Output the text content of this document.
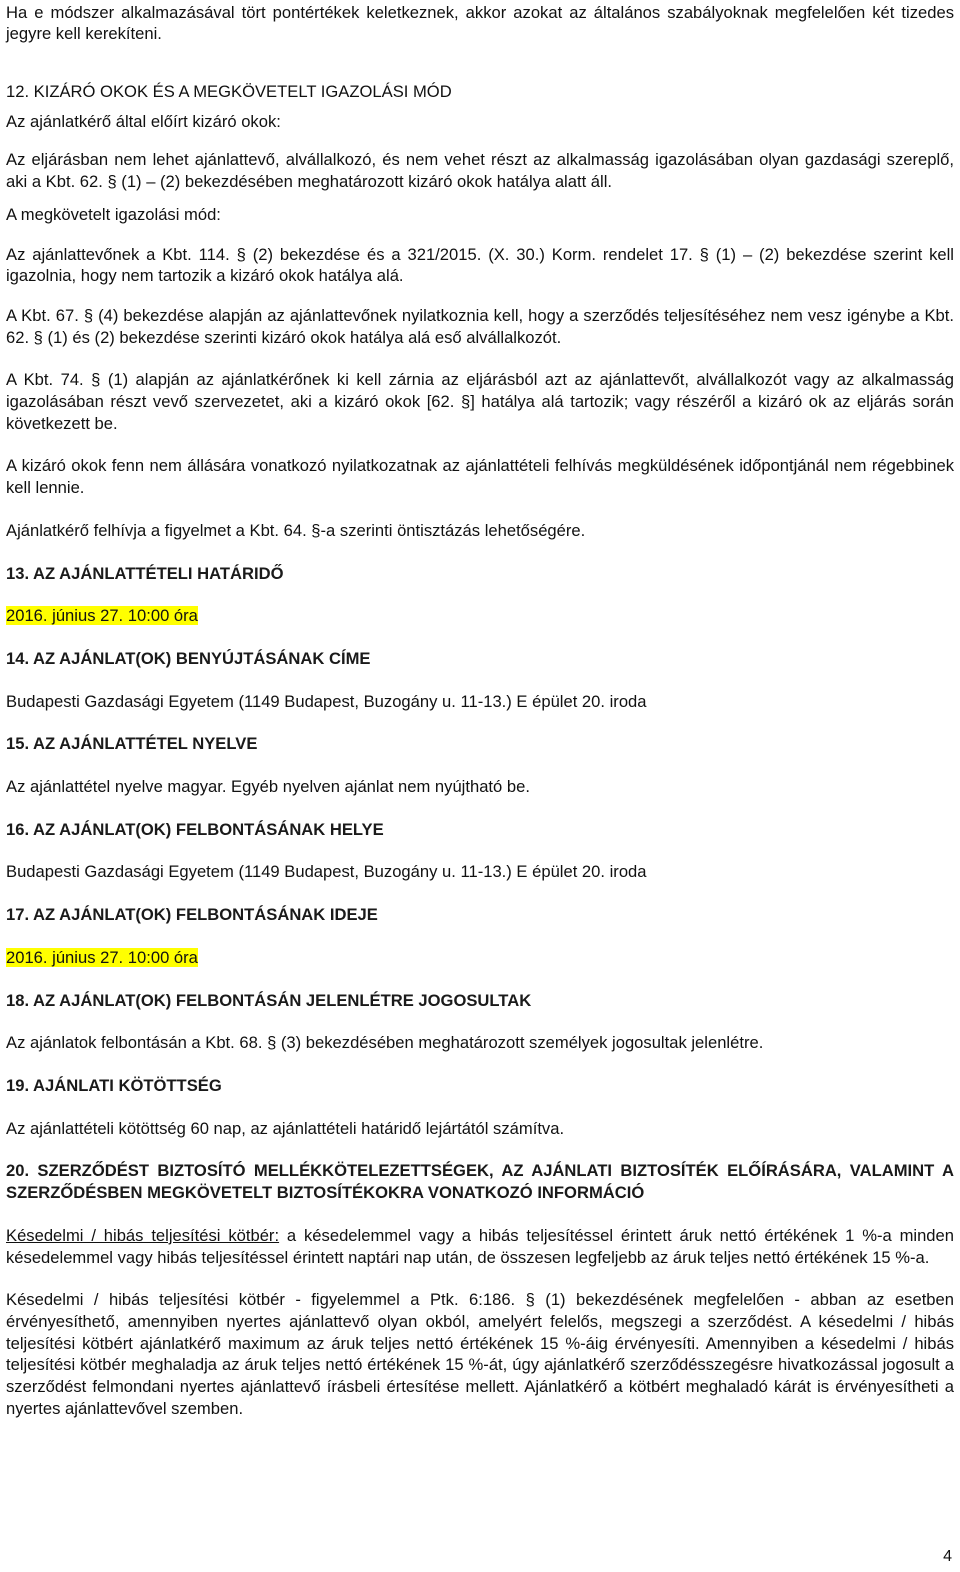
Ha e módszer alkalmazásával tört pontértékek keletkeznek, akkor azokat az általános szabályoknak megfelelően két tizedes jegyre kell kerekíteni.

12. KIZÁRÓ OKOK ÉS A MEGKÖVETELT IGAZOLÁSI MÓD

Az ajánlatkérő által előírt kizáró okok:

Az eljárásban nem lehet ajánlattevő, alvállalkozó, és nem vehet részt az alkalmasság igazolásában olyan gazdasági szereplő, aki a Kbt. 62. § (1) – (2) bekezdésében meghatározott kizáró okok hatálya alatt áll.

A megkövetelt igazolási mód:

Az ajánlattevőnek a Kbt. 114. § (2) bekezdése és a 321/2015. (X. 30.) Korm. rendelet 17. § (1) – (2) bekezdése szerint kell igazolnia, hogy nem tartozik a kizáró okok hatálya alá.

A Kbt. 67. § (4) bekezdése alapján az ajánlattevőnek nyilatkoznia kell, hogy a szerződés teljesítéséhez nem vesz igénybe a Kbt. 62. § (1) és (2) bekezdése szerinti kizáró okok hatálya alá eső alvállalkozót.

A Kbt. 74. § (1) alapján az ajánlatkérőnek ki kell zárnia az eljárásból azt az ajánlattevőt, alvállalkozót vagy az alkalmasság igazolásában részt vevő szervezetet, aki a kizáró okok [62. §] hatálya alá tartozik; vagy részéről a kizáró ok az eljárás során következett be.

A kizáró okok fenn nem állására vonatkozó nyilatkozatnak az ajánlattételi felhívás megküldésének időpontjánál nem régebbinek kell lennie.

Ajánlatkérő felhívja a figyelmet a Kbt. 64. §-a szerinti öntisztázás lehetőségére.

13. AZ AJÁNLATTÉTELI HATÁRIDŐ

2016. június 27. 10:00 óra

14. AZ AJÁNLAT(OK) BENYÚJTÁSÁNAK CÍME

Budapesti Gazdasági Egyetem (1149 Budapest, Buzogány u. 11-13.) E épület 20. iroda

15. AZ AJÁNLATTÉTEL NYELVE

Az ajánlattétel nyelve magyar. Egyéb nyelven ajánlat nem nyújtható be.

16. AZ AJÁNLAT(OK) FELBONTÁSÁNAK HELYE

Budapesti Gazdasági Egyetem (1149 Budapest, Buzogány u. 11-13.) E épület 20. iroda

17. AZ AJÁNLAT(OK) FELBONTÁSÁNAK IDEJE

2016. június 27. 10:00 óra

18. AZ AJÁNLAT(OK) FELBONTÁSÁN JELENLÉTRE JOGOSULTAK

Az ajánlatok felbontásán a Kbt. 68. § (3) bekezdésében meghatározott személyek jogosultak jelenlétre.

19. AJÁNLATI KÖTÖTTSÉG

Az ajánlattételi kötöttség 60 nap, az ajánlattételi határidő lejártától számítva.

20. SZERZŐDÉST BIZTOSÍTÓ MELLÉKKÖTELEZETTSÉGEK, AZ AJÁNLATI BIZTOSÍTÉK ELŐÍRÁSÁRA, VALAMINT A SZERZŐDÉSBEN MEGKÖVETELT BIZTOSÍTÉKOKRA VONATKOZÓ INFORMÁCIÓ

Késedelmi / hibás teljesítési kötbér: a késedelemmel vagy a hibás teljesítéssel érintett áruk nettó értékének 1 %-a minden késedelemmel vagy hibás teljesítéssel érintett naptári nap után, de összesen legfeljebb az áruk teljes nettó értékének 15 %-a.

Késedelmi / hibás teljesítési kötbér - figyelemmel a Ptk. 6:186. § (1) bekezdésének megfelelően - abban az esetben érvényesíthető, amennyiben nyertes ajánlattevő olyan okból, amelyért felelős, megszegi a szerződést. A késedelmi / hibás teljesítési kötbért ajánlatkérő maximum az áruk teljes nettó értékének 15 %-áig érvényesíti. Amennyiben a késedelmi / hibás teljesítési kötbér meghaladja az áruk teljes nettó értékének 15 %-át, úgy ajánlatkérő szerződésszegésre hivatkozással jogosult a szerződést felmondani nyertes ajánlattevő írásbeli értesítése mellett. Ajánlatkérő a kötbért meghaladó kárát is érvényesítheti a nyertes ajánlattevővel szemben.

4
